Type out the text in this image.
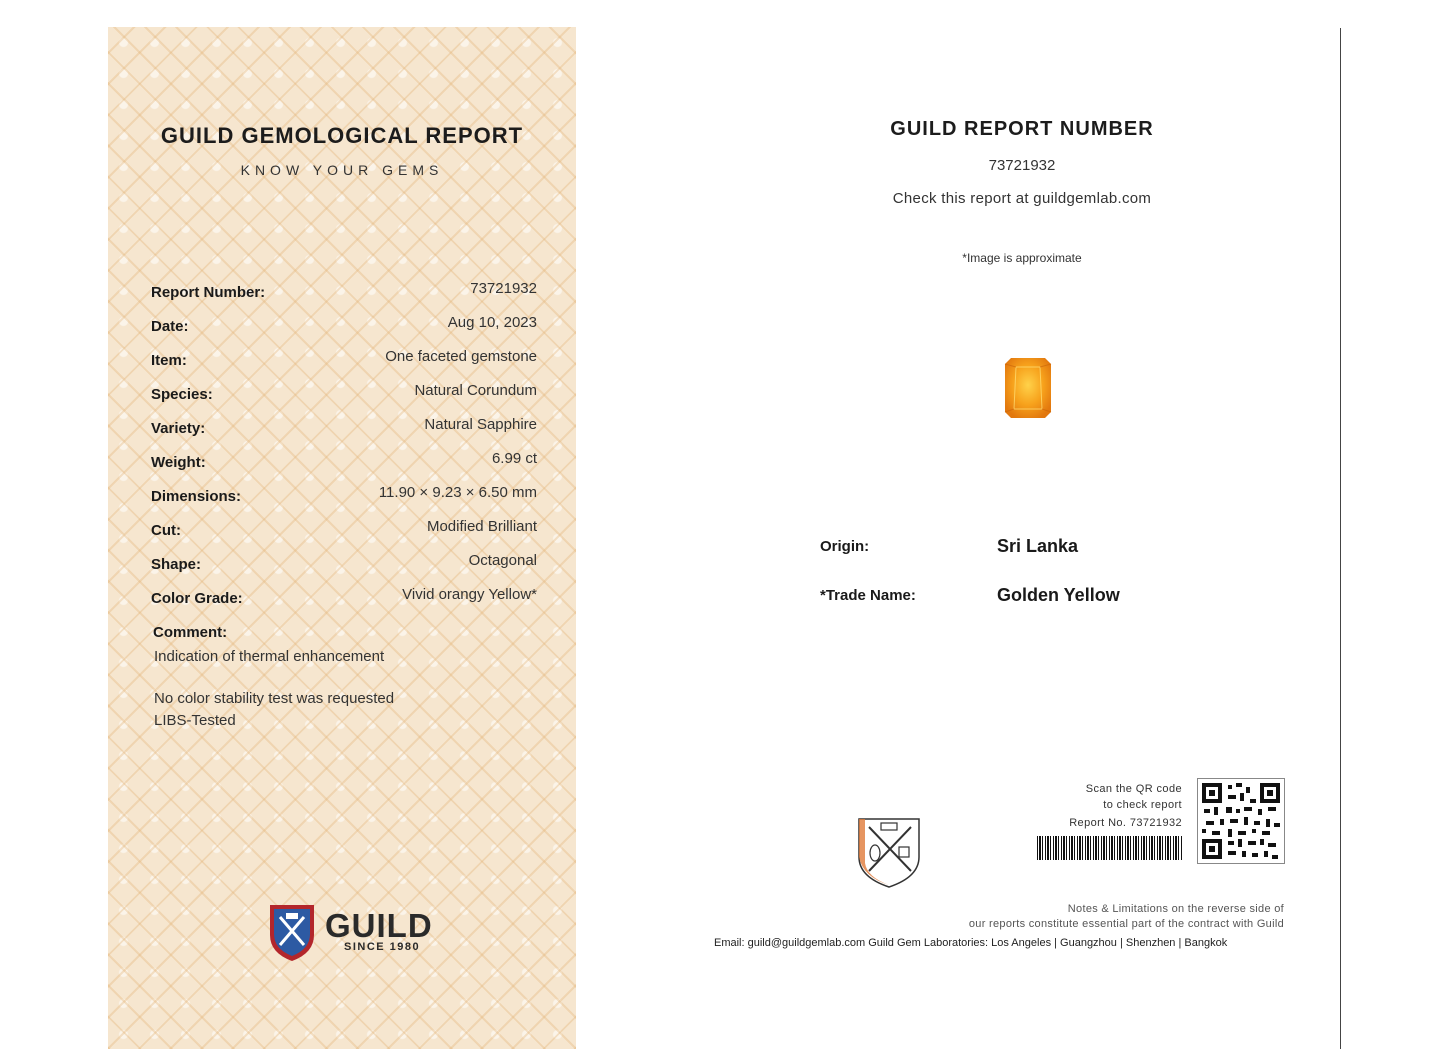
GUILD GEMOLOGICAL REPORT
KNOW YOUR GEMS
Report Number:	73721932
Date:	Aug 10, 2023
Item:	One faceted gemstone
Species:	Natural Corundum
Variety:	Natural Sapphire
Weight:	6.99 ct
Dimensions:	11.90 × 9.23 × 6.50 mm
Cut:	Modified Brilliant
Shape:	Octagonal
Color Grade:	Vivid orangy Yellow*
Comment:
Indication of thermal enhancement
No color stability test was requested
LIBS-Tested
GUILD
SINCE 1980
GUILD REPORT NUMBER
73721932
Check this report at guildgemlab.com
*Image is approximate
Origin:	Sri Lanka
*Trade Name:	Golden Yellow
Scan the QR code
to check report
Report No. 73721932
Notes & Limitations on the reverse side of
our reports constitute essential part of the contract with Guild
Email: guild@guildgemlab.com Guild Gem Laboratories: Los Angeles | Guangzhou | Shenzhen | Bangkok
